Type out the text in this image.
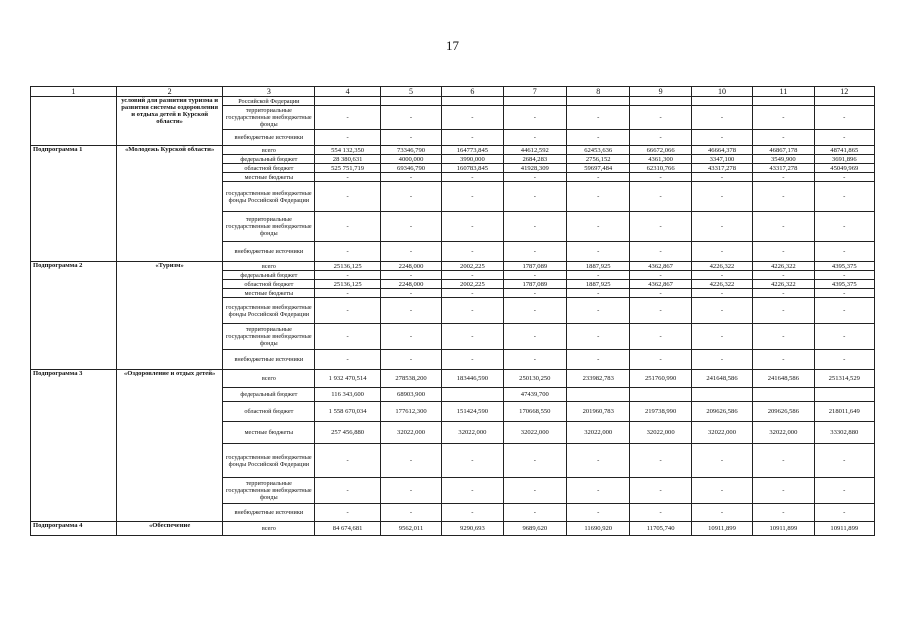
17
1	2	3	4	5	6	7	8	9	10	11	12
	условий для развития туризма и развития системы оздоровления и отдыха детей в Курской области»	Российской Федерации									
		территориальные государственные внебюджетные фонды	-	-	-	-	-	-	-	-	-
		внебюджетные источники	-	-	-	-	-	-	-	-	-
Подпрограмма 1	«Молодежь Курской области»	всего	554 132,350	73346,790	164773,845	44612,592	62453,636	66672,066	46664,378	46867,178	48741,865
		федеральный бюджет	28 380,631	4000,000	3990,000	2684,283	2756,152	4361,300	3347,100	3549,900	3691,896
		областной бюджет	525 751,719	69346,790	160783,845	41928,309	59697,484	62310,766	43317,278	43317,278	45049,969
		местные бюджеты	-	-	-	-	-	-	-	-	-
		государственные внебюджетные фонды Российской Федерации	-	-	-	-	-	-	-	-	-
		территориальные государственные внебюджетные фонды	-	-	-	-	-	-	-	-	-
		внебюджетные источники	-	-	-	-	-	-	-	-	-
Подпрограмма 2	«Туризм»	всего	25136,125	2248,000	2002,225	1787,089	1887,925	4362,867	4226,322	4226,322	4395,375
		федеральный бюджет	-	-	-	-	-	-	-	-	-
		областной бюджет	25136,125	2248,000	2002,225	1787,089	1887,925	4362,867	4226,322	4226,322	4395,375
		местные бюджеты	-	-	-	-	-	-	-	-	-
		государственные внебюджетные фонды Российской Федерации	-	-	-	-	-	-	-	-	-
		территориальные государственные внебюджетные фонды	-	-	-	-	-	-	-	-	-
		внебюджетные источники	-	-	-	-	-	-	-	-	-
Подпрограмма 3	«Оздоровление и отдых детей»	всего	1 932 470,514	278538,200	183446,590	250130,250	233982,783	251760,990	241648,586	241648,586	251314,529
		федеральный бюджет	116 343,600	68903,900		47439,700					
		областной бюджет	1 558 670,034	177612,300	151424,590	170668,550	201960,783	219738,990	209626,586	209626,586	218011,649
		местные бюджеты	257 456,880	32022,000	32022,000	32022,000	32022,000	32022,000	32022,000	32022,000	33302,880
		государственные внебюджетные фонды Российской Федерации	-	-	-	-	-	-	-	-	-
		территориальные государственные внебюджетные фонды	-	-	-	-	-	-	-	-	-
		внебюджетные источники	-	-	-	-	-	-	-	-	-
Подпрограмма 4	«Обеспечение	всего	84 674,681	9562,011	9290,693	9689,620	11690,920	11705,740	10911,899	10911,899	10911,899
